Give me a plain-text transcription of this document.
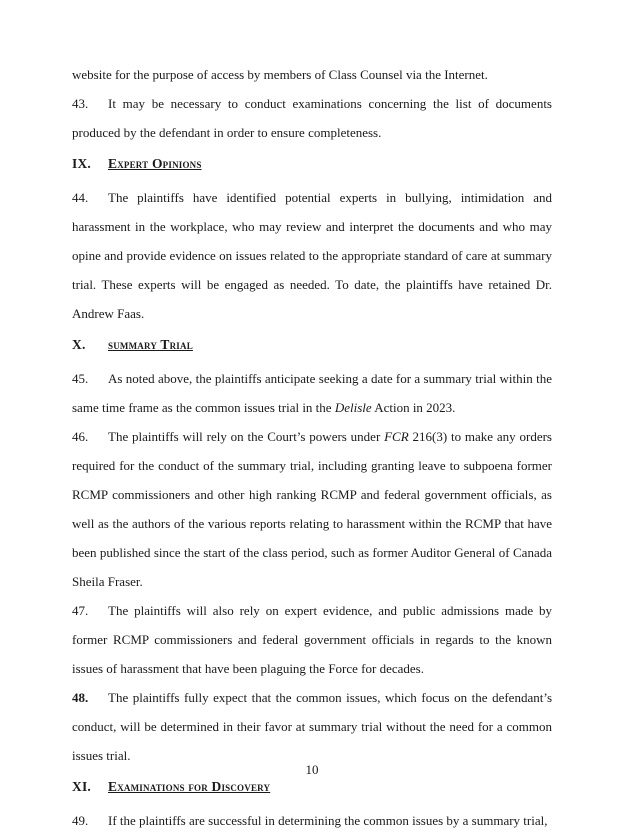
website for the purpose of access by members of Class Counsel via the Internet.

43. It may be necessary to conduct examinations concerning the list of documents produced by the defendant in order to ensure completeness.

IX. Expert Opinions

44. The plaintiffs have identified potential experts in bullying, intimidation and harassment in the workplace, who may review and interpret the documents and who may opine and provide evidence on issues related to the appropriate standard of care at summary trial. These experts will be engaged as needed. To date, the plaintiffs have retained Dr. Andrew Faas.

X. summary Trial

45. As noted above, the plaintiffs anticipate seeking a date for a summary trial within the same time frame as the common issues trial in the Delisle Action in 2023.

46. The plaintiffs will rely on the Court’s powers under FCR 216(3) to make any orders required for the conduct of the summary trial, including granting leave to subpoena former RCMP commissioners and other high ranking RCMP and federal government officials, as well as the authors of the various reports relating to harassment within the RCMP that have been published since the start of the class period, such as former Auditor General of Canada Sheila Fraser.

47. The plaintiffs will also rely on expert evidence, and public admissions made by former RCMP commissioners and federal government officials in regards to the known issues of harassment that have been plaguing the Force for decades.

48. The plaintiffs fully expect that the common issues, which focus on the defendant’s conduct, will be determined in their favor at summary trial without the need for a common issues trial.

XI. Examinations for Discovery

49. If the plaintiffs are successful in determining the common issues by a summary trial,

10
